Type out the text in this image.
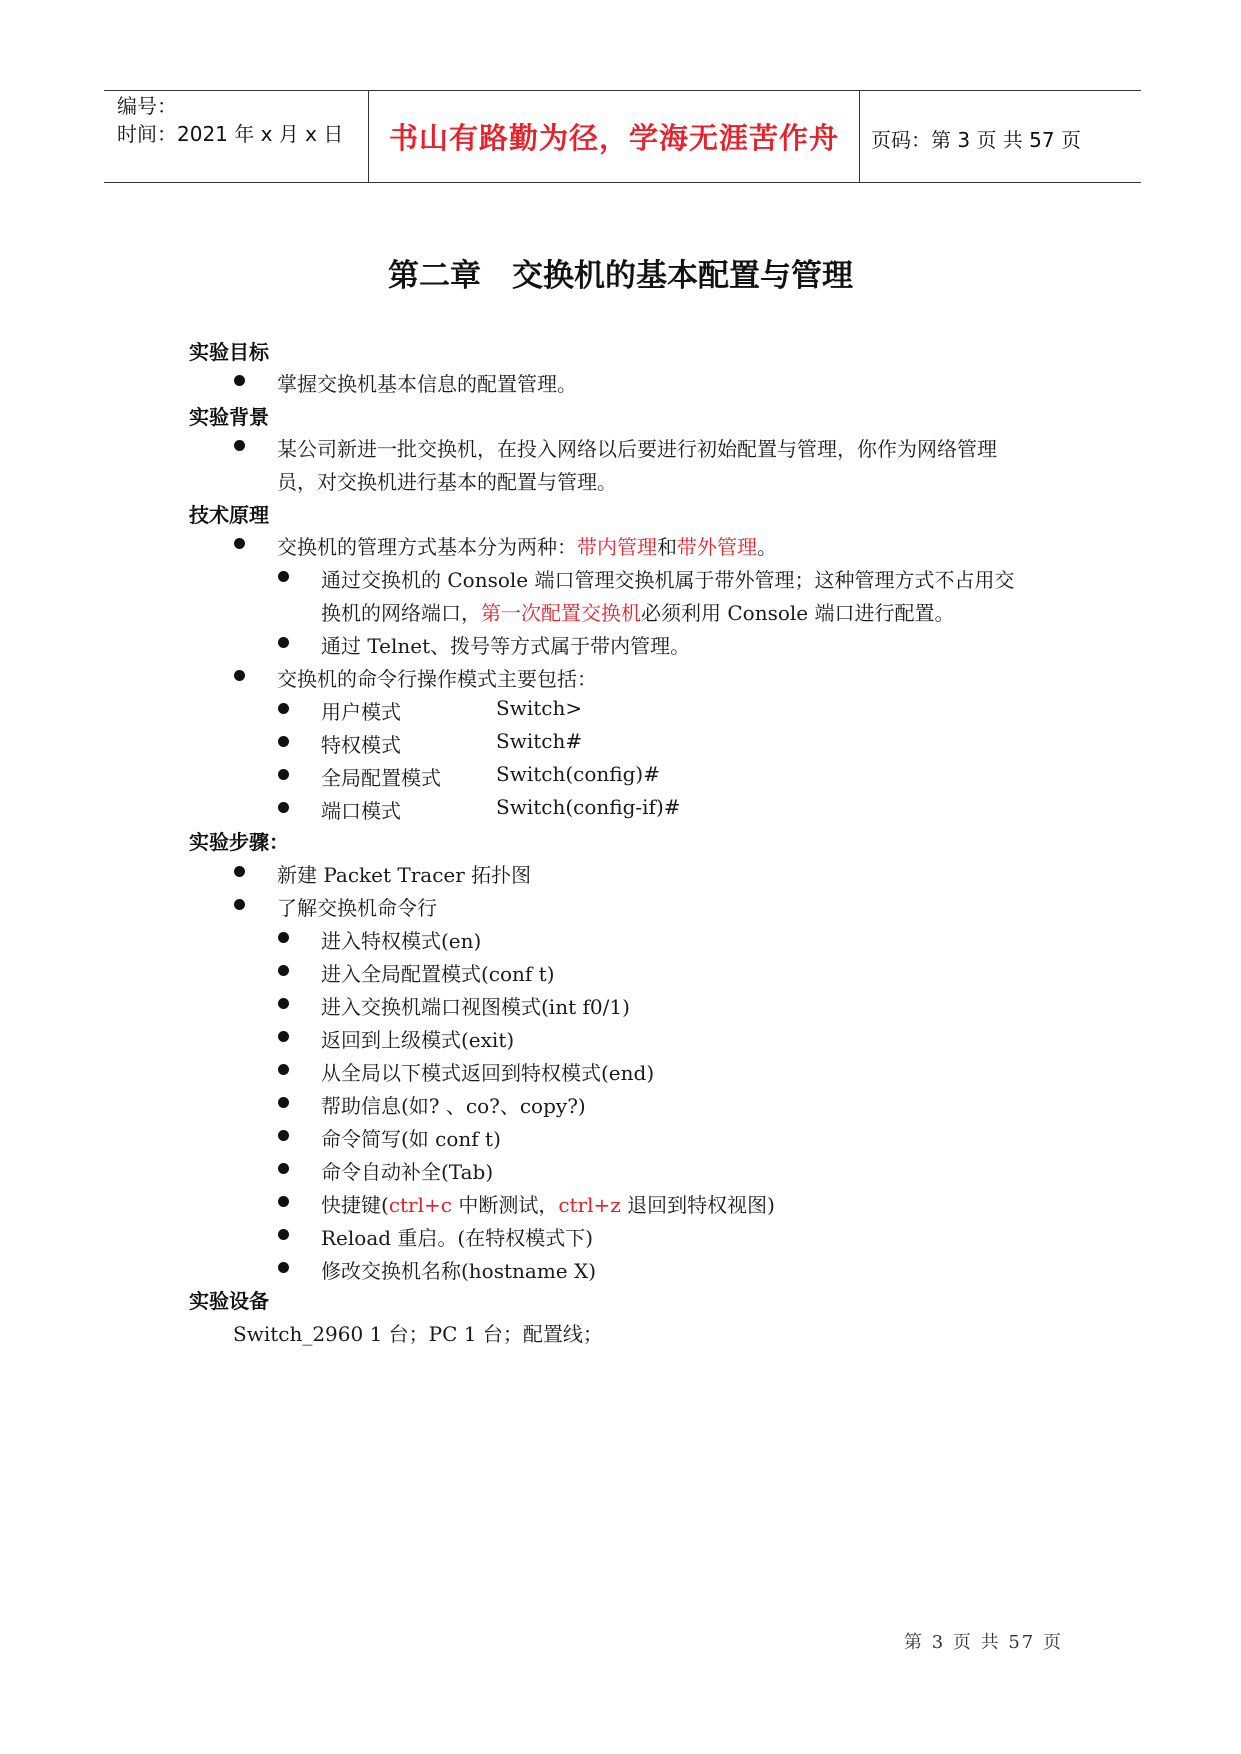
编号：
时间：2021 年 x 月 x 日	书山有路勤为径，学海无涯苦作舟	页码：第 3 页 共 57 页
第二章　交换机的基本配置与管理
实验目标
掌握交换机基本信息的配置管理。
实验背景
某公司新进一批交换机，在投入网络以后要进行初始配置与管理，你作为网络管理
员，对交换机进行基本的配置与管理。
技术原理
交换机的管理方式基本分为两种：带内管理和带外管理。
通过交换机的 Console 端口管理交换机属于带外管理；这种管理方式不占用交
换机的网络端口，第一次配置交换机必须利用 Console 端口进行配置。
通过 Telnet、拨号等方式属于带内管理。
交换机的命令行操作模式主要包括：
用户模式	Switch>
特权模式	Switch#
全局配置模式	Switch(config)#
端口模式	Switch(config-if)#
实验步骤：
新建 Packet Tracer 拓扑图
了解交换机命令行
进入特权模式(en)
进入全局配置模式(conf t)
进入交换机端口视图模式(int f0/1)
返回到上级模式(exit)
从全局以下模式返回到特权模式(end)
帮助信息(如? 、co?、copy?)
命令简写(如 conf t)
命令自动补全(Tab)
快捷键(ctrl+c 中断测试，ctrl+z 退回到特权视图)
Reload 重启。(在特权模式下)
修改交换机名称(hostname X)
实验设备
Switch_2960 1 台；PC 1 台；配置线；
第 3 页 共 57 页
